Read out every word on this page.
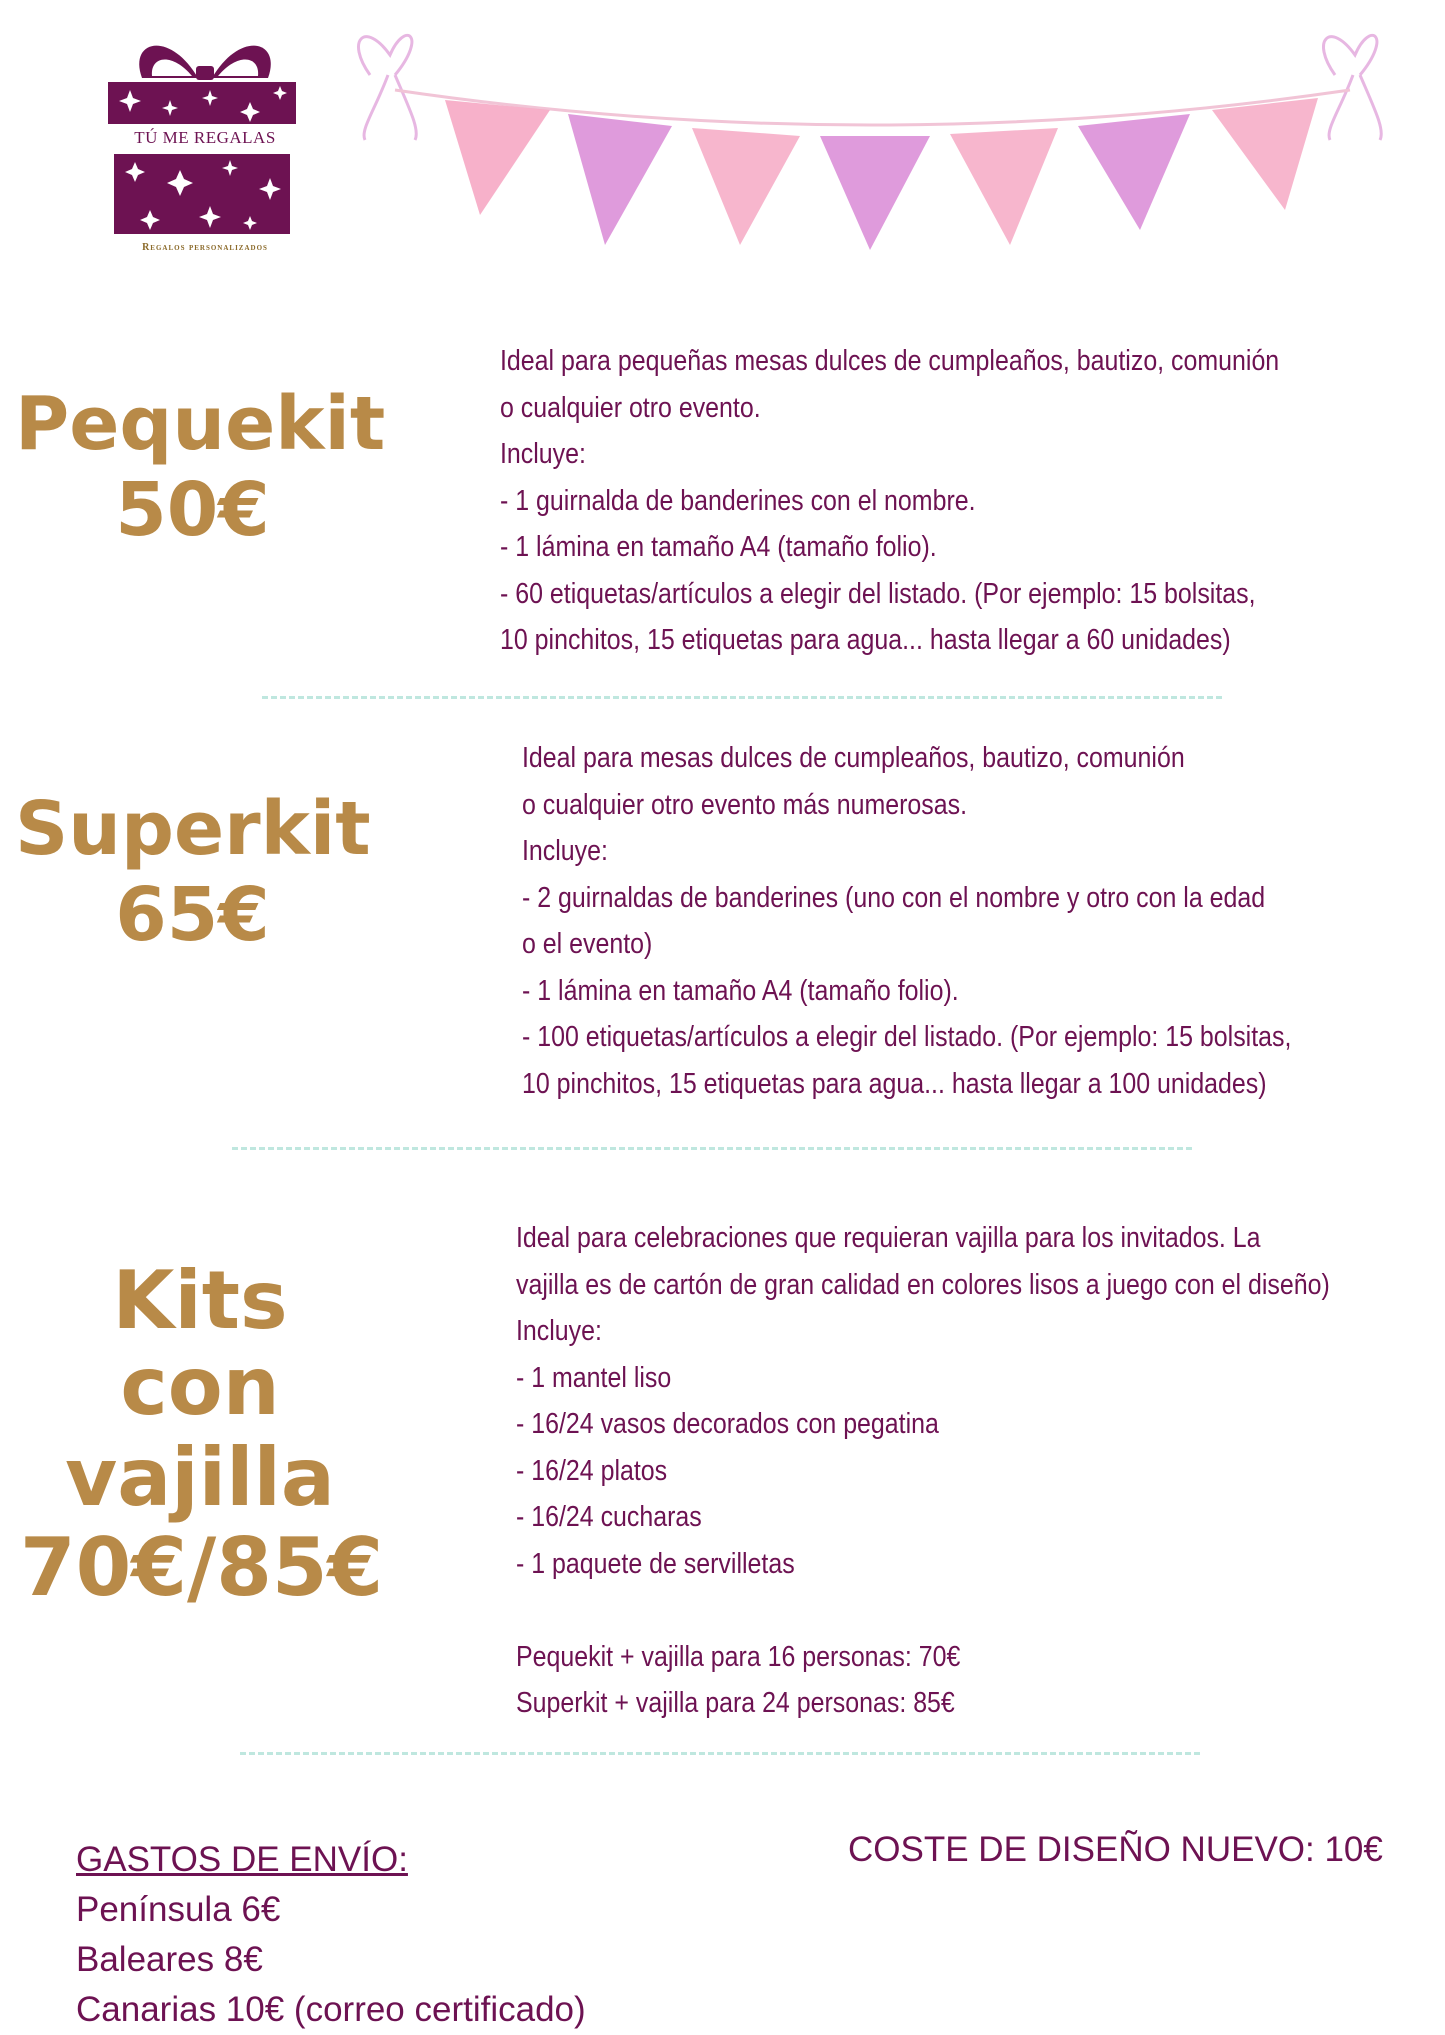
TÚ ME REGALAS
Regalos personalizados
Pequekit
50€
Ideal para pequeñas mesas dulces de cumpleaños, bautizo, comunión
o cualquier otro evento.
Incluye:
- 1 guirnalda de banderines con el nombre.
- 1 lámina en tamaño A4 (tamaño folio).
- 60 etiquetas/artículos a elegir del listado. (Por ejemplo: 15 bolsitas,
10 pinchitos, 15 etiquetas para agua... hasta llegar a 60 unidades)
Superkit
65€
Ideal para mesas dulces de cumpleaños, bautizo, comunión
o cualquier otro evento más numerosas.
Incluye:
- 2 guirnaldas de banderines (uno con el nombre y otro con la edad
o el evento)
- 1 lámina en tamaño A4 (tamaño folio).
- 100 etiquetas/artículos a elegir del listado. (Por ejemplo: 15 bolsitas,
10 pinchitos, 15 etiquetas para agua... hasta llegar a 100 unidades)
Kits con
vajilla
70€/85€
Ideal para celebraciones que requieran vajilla para los invitados. La
vajilla es de cartón de gran calidad en colores lisos a juego con el diseño)
Incluye:
- 1 mantel liso
- 16/24 vasos decorados con pegatina
- 16/24 platos
- 16/24 cucharas
- 1 paquete de servilletas
Pequekit + vajilla para 16 personas: 70€
Superkit + vajilla para 24 personas: 85€
GASTOS DE ENVÍO:
Península 6€
Baleares 8€
Canarias 10€ (correo certificado)
COSTE DE DISEÑO NUEVO: 10€
